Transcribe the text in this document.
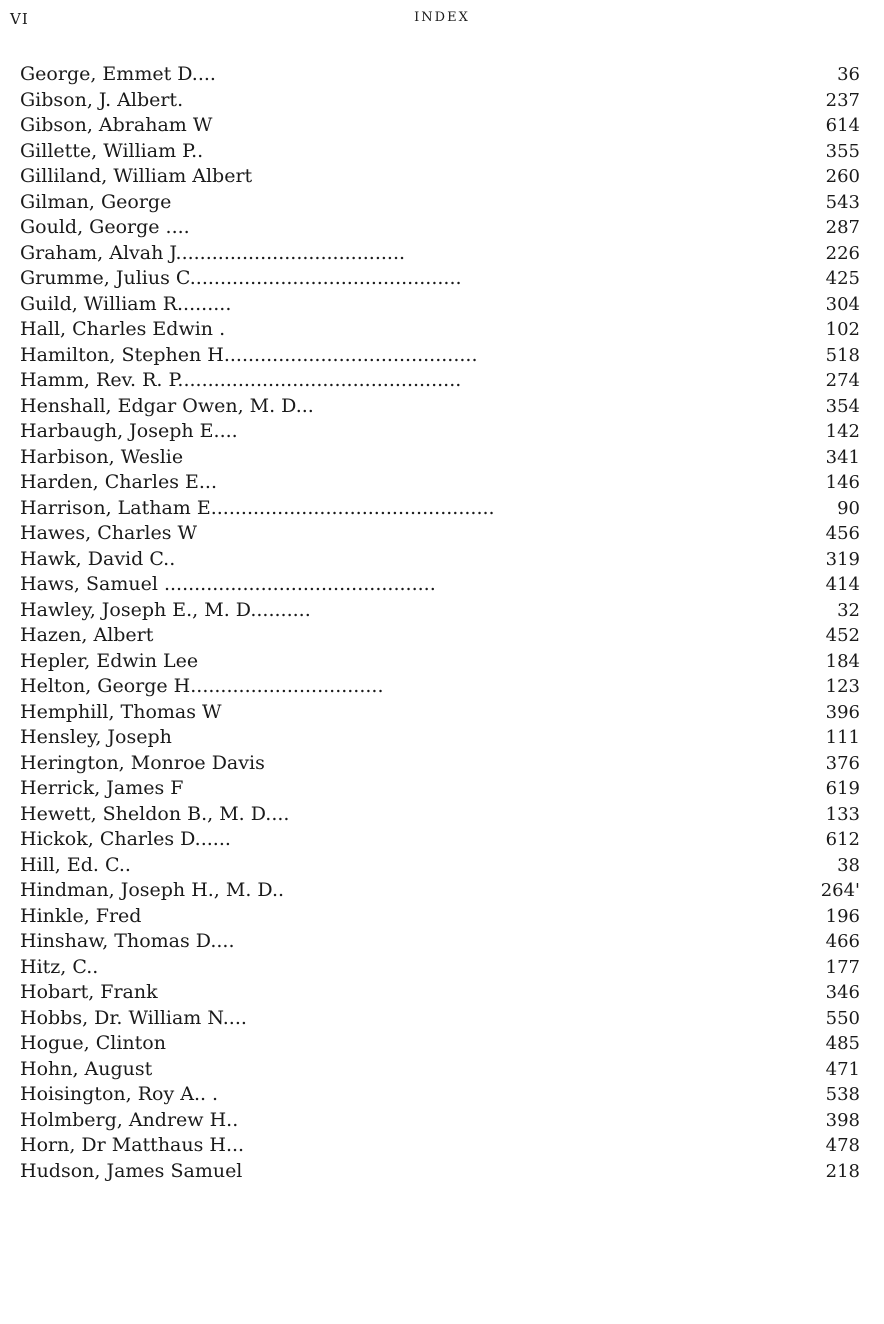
VI	INDEX
George, Emmet D....	36
Gibson, J. Albert.	237
Gibson, Abraham W	614
Gillette, William P..	355
Gilliland, William Albert	260
Gilman, George	543
Gould, George ....	287
Graham, Alvah J......................................	226
Grumme, Julius C.............................................	425
Guild, William R.........	304
Hall, Charles Edwin .	102
Hamilton, Stephen H..........................................	518
Hamm, Rev. R. P...............................................	274
Henshall, Edgar Owen, M. D...	354
Harbaugh, Joseph E....	142
Harbison, Weslie	341
Harden, Charles E...	146
Harrison, Latham E...............................................	90
Hawes, Charles W	456
Hawk, David C..	319
Haws, Samuel .............................................	414
Hawley, Joseph E., M. D..........	32
Hazen, Albert	452
Hepler, Edwin Lee	184
Helton, George H................................	123
Hemphill, Thomas W	396
Hensley, Joseph	111
Herington, Monroe Davis	376
Herrick, James F	619
Hewett, Sheldon B., M. D....	133
Hickok, Charles D......	612
Hill, Ed. C..	38
Hindman, Joseph H., M. D..	264'
Hinkle, Fred	196
Hinshaw, Thomas D....	466
Hitz, C..	177
Hobart, Frank	346
Hobbs, Dr. William N....	550
Hogue, Clinton	485
Hohn, August	471
Hoisington, Roy A.. .	538
Holmberg, Andrew H..	398
Horn, Dr Matthaus H...	478
Hudson, James Samuel	218
